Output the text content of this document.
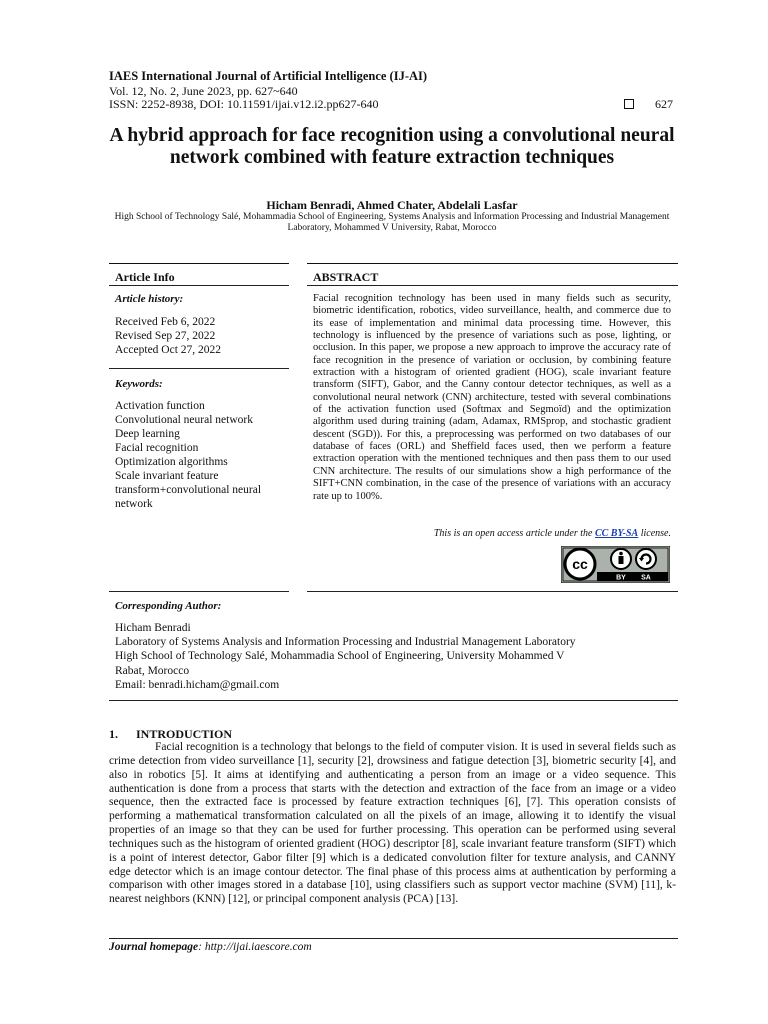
IAES International Journal of Artificial Intelligence (IJ-AI)
Vol. 12, No. 2, June 2023, pp. 627~640
ISSN: 2252-8938, DOI: 10.11591/ijai.v12.i2.pp627-640	627
A hybrid approach for face recognition using a convolutional neural network combined with feature extraction techniques
Hicham Benradi, Ahmed Chater, Abdelali Lasfar
High School of Technology Salé, Mohammadia School of Engineering, Systems Analysis and Information Processing and Industrial Management Laboratory, Mohammed V University, Rabat, Morocco
Article Info
Article history:
Received Feb 6, 2022
Revised Sep 27, 2022
Accepted Oct 27, 2022
Keywords:
Activation function
Convolutional neural network
Deep learning
Facial recognition
Optimization algorithms
Scale invariant feature
transform+convolutional neural
network
ABSTRACT
Facial recognition technology has been used in many fields such as security, biometric identification, robotics, video surveillance, health, and commerce due to its ease of implementation and minimal data processing time. However, this technology is influenced by the presence of variations such as pose, lighting, or occlusion. In this paper, we propose a new approach to improve the accuracy rate of face recognition in the presence of variation or occlusion, by combining feature extraction with a histogram of oriented gradient (HOG), scale invariant feature transform (SIFT), Gabor, and the Canny contour detector techniques, as well as a convolutional neural network (CNN) architecture, tested with several combinations of the activation function used (Softmax and Segmoïd) and the optimization algorithm used during training (adam, Adamax, RMSprop, and stochastic gradient descent (SGD)). For this, a preprocessing was performed on two databases of our database of faces (ORL) and Sheffield faces used, then we perform a feature extraction operation with the mentioned techniques and then pass them to our used CNN architecture. The results of our simulations show a high performance of the SIFT+CNN combination, in the case of the presence of variations with an accuracy rate up to 100%.
This is an open access article under the CC BY-SA license.
cc
BY SA
Corresponding Author:
Hicham Benradi
Laboratory of Systems Analysis and Information Processing and Industrial Management Laboratory
High School of Technology Salé, Mohammadia School of Engineering, University Mohammed V
Rabat, Morocco
Email: benradi.hicham@gmail.com
1.      INTRODUCTION

Facial recognition is a technology that belongs to the field of computer vision. It is used in several fields such as crime detection from video surveillance [1], security [2], drowsiness and fatigue detection [3], biometric security [4], and also in robotics [5]. It aims at identifying and authenticating a person from an image or a video sequence. This authentication is done from a process that starts with the detection and extraction of the face from an image or a video sequence, then the extracted face is processed by feature extraction techniques [6], [7]. This operation consists of performing a mathematical transformation calculated on all the pixels of an image, allowing it to identify the visual properties of an image so that they can be used for further processing. This operation can be performed using several techniques such as the histogram of oriented gradient (HOG) descriptor [8], scale invariant feature transform (SIFT) which is a point of interest detector, Gabor filter [9] which is a dedicated convolution filter for texture analysis, and CANNY edge detector which is an image contour detector. The final phase of this process aims at authentication by performing a comparison with other images stored in a database [10], using classifiers such as support vector machine (SVM) [11], k-nearest neighbors (KNN) [12], or principal component analysis (PCA) [13].

Journal homepage: http://ijai.iaescore.com
